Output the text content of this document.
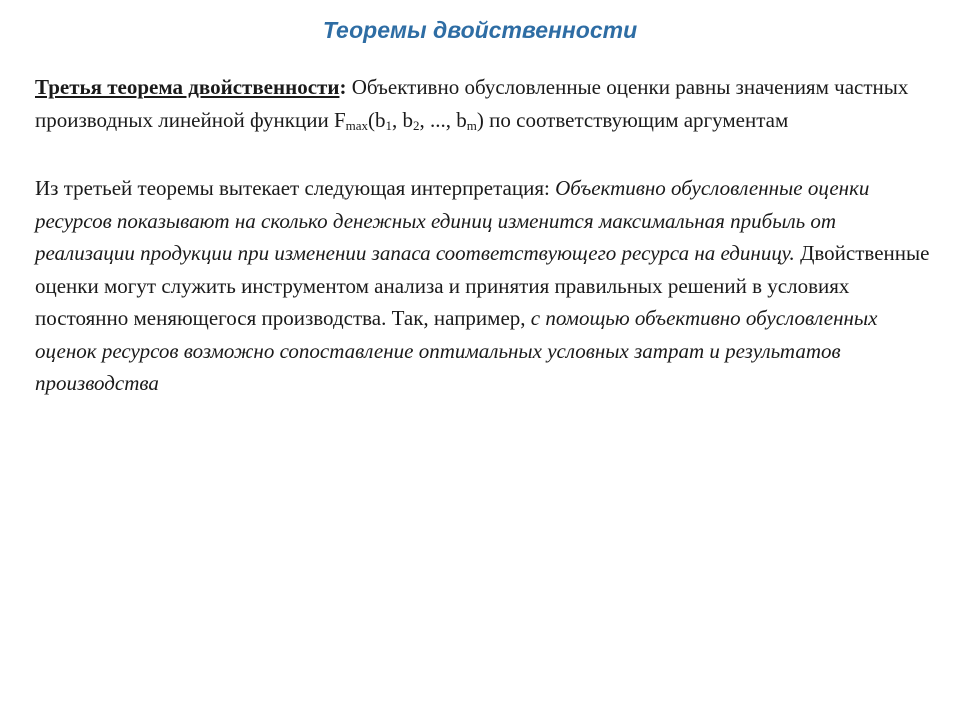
Теоремы двойственности

Третья теорема двойственности: Объективно обусловленные оценки равны значениям частных производных линейной функции $F_{max}(b_1$, $b_2$, ..., $b_m$) по соответствующим аргументам

Из третьей теоремы вытекает следующая интерпретация: Объективно обусловленные оценки ресурсов показывают на сколько денежных единиц изменится максимальная прибыль от реализации продукции при изменении запаса соответствующего ресурса на единицу. Двойственные оценки могут служить инструментом анализа и принятия правильных решений в условиях постоянно меняющегося производства. Так, например, с помощью объективно обусловленных оценок ресурсов возможно сопоставление оптимальных условных затрат и результатов производства
